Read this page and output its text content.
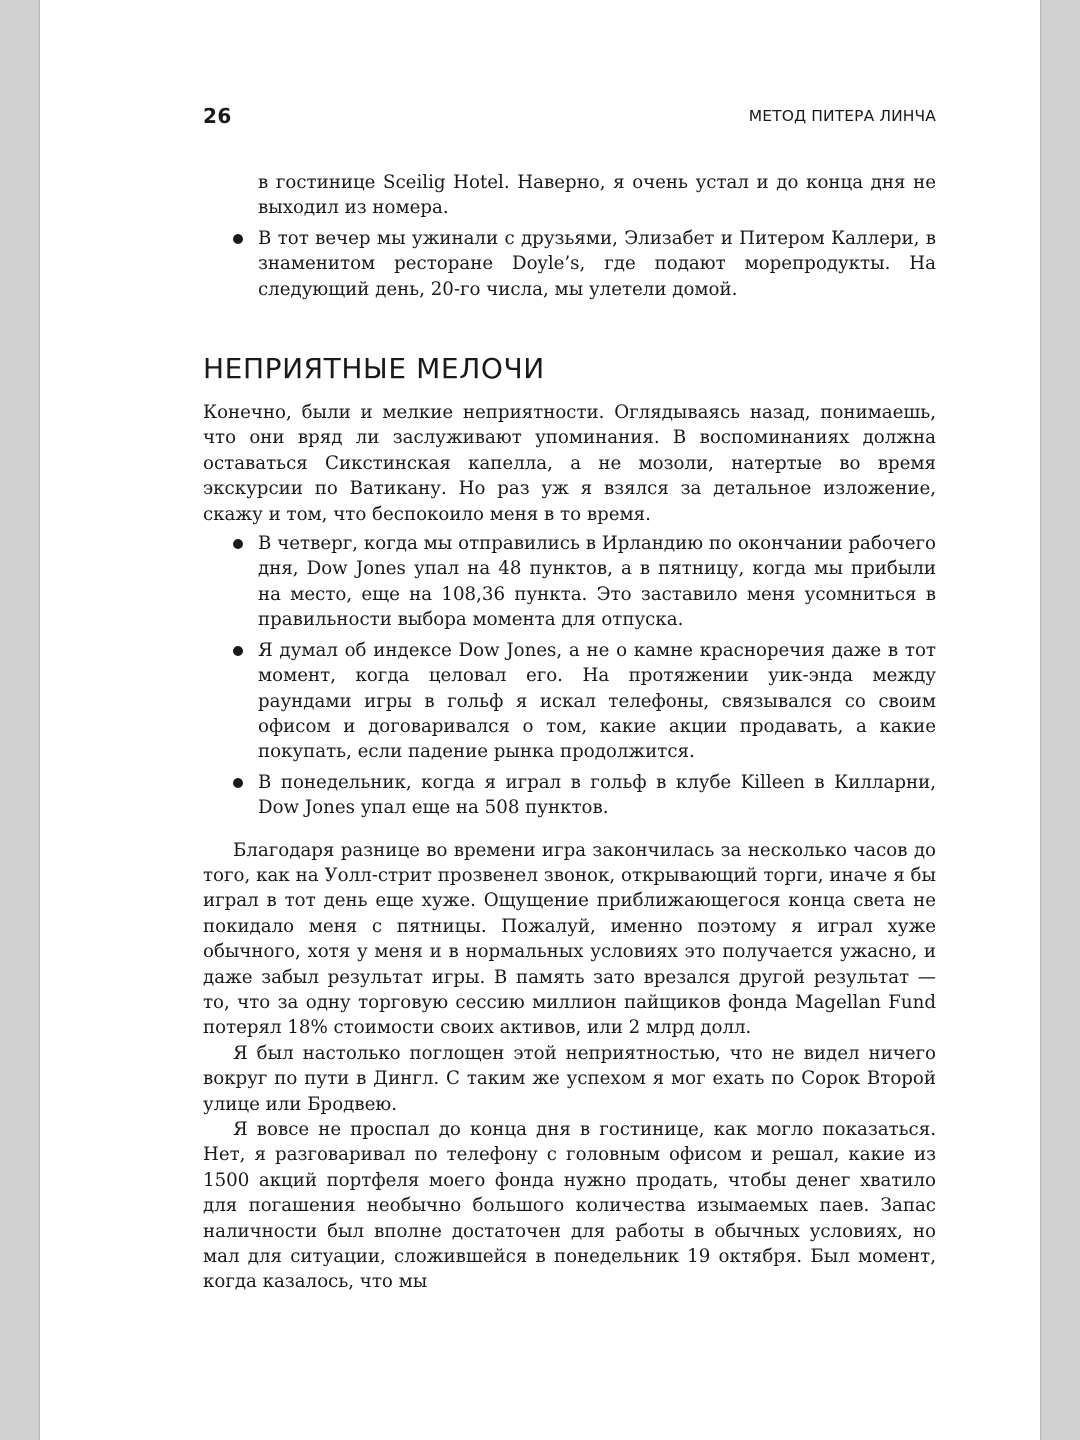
26	МЕТОД ПИТЕРА ЛИНЧА
в гостинице Sceilig Hotel. Наверно, я очень устал и до конца дня не выходил из номера.
В тот вечер мы ужинали с друзьями, Элизабет и Питером Каллери, в знаменитом ресторане Doyle’s, где подают морепродукты. На следующий день, 20-го числа, мы улетели домой.
НЕПРИЯТНЫЕ МЕЛОЧИ

Конечно, были и мелкие неприятности. Оглядываясь назад, понимаешь, что они вряд ли заслуживают упоминания. В воспоминаниях должна оставаться Сикстинская капелла, а не мозоли, натертые во время экскурсии по Ватикану. Но раз уж я взялся за детальное изложение, скажу и том, что беспокоило меня в то время.

В четверг, когда мы отправились в Ирландию по окончании рабочего дня, Dow Jones упал на 48 пунктов, а в пятницу, когда мы прибыли на место, еще на 108,36 пункта. Это заставило меня усомниться в правильности выбора момента для отпуска.
Я думал об индексе Dow Jones, а не о камне красноречия даже в тот момент, когда целовал его. На протяжении уик-энда между раундами игры в гольф я искал телефоны, связывался со своим офисом и договаривался о том, какие акции продавать, а какие покупать, если падение рынка продолжится.
В понедельник, когда я играл в гольф в клубе Killeen в Килларни, Dow Jones упал еще на 508 пунктов.

Благодаря разнице во времени игра закончилась за несколько часов до того, как на Уолл-стрит прозвенел звонок, открывающий торги, иначе я бы играл в тот день еще хуже. Ощущение приближающегося конца света не покидало меня с пятницы. Пожалуй, именно поэтому я играл хуже обычного, хотя у меня и в нормальных условиях это получается ужасно, и даже забыл результат игры. В память зато врезался другой результат — то, что за одну торговую сессию миллион пайщиков фонда Magellan Fund потерял 18% стоимости своих активов, или 2 млрд долл.

Я был настолько поглощен этой неприятностью, что не видел ничего вокруг по пути в Дингл. С таким же успехом я мог ехать по Сорок Второй улице или Бродвею.

Я вовсе не проспал до конца дня в гостинице, как могло показаться. Нет, я разговаривал по телефону с головным офисом и решал, какие из 1500 акций портфеля моего фонда нужно продать, чтобы денег хватило для погашения необычно большого количества изымаемых паев. Запас наличности был вполне достаточен для работы в обычных условиях, но мал для ситуации, сложившейся в понедельник 19 октября. Был момент, когда казалось, что мы
